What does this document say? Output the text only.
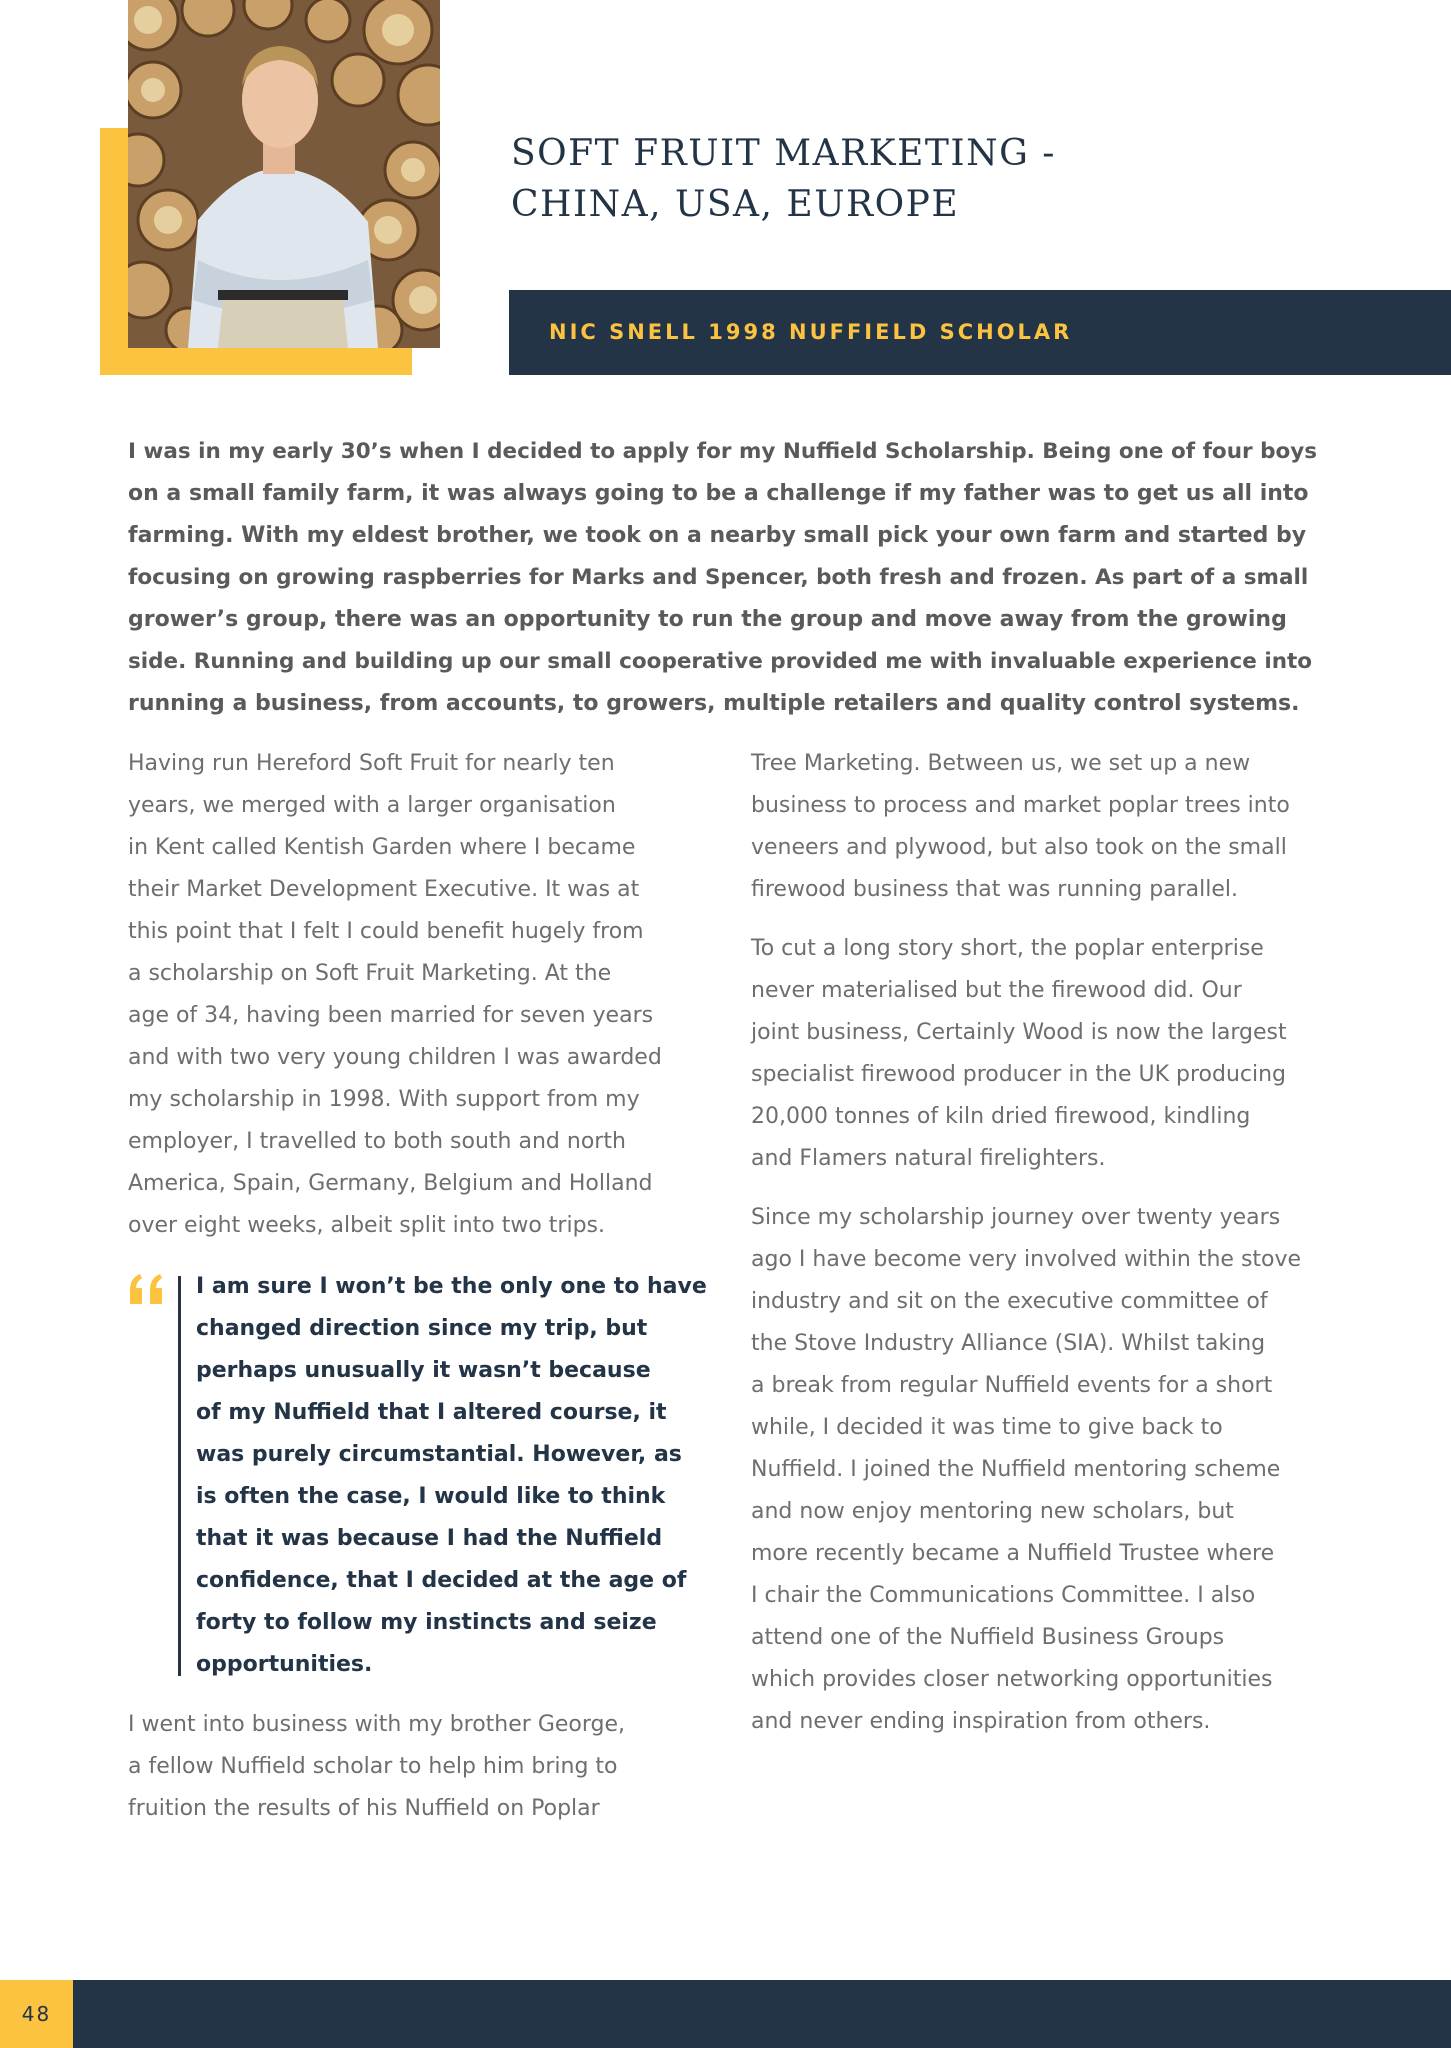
SOFT FRUIT MARKETING -
CHINA, USA, EUROPE
NIC SNELL 1998 NUFFIELD SCHOLAR
I was in my early 30’s when I decided to apply for my Nuffield Scholarship. Being one of four boys
on a small family farm, it was always going to be a challenge if my father was to get us all into
farming. With my eldest brother, we took on a nearby small pick your own farm and started by
focusing on growing raspberries for Marks and Spencer, both fresh and frozen. As part of a small
grower’s group, there was an opportunity to run the group and move away from the growing
side. Running and building up our small cooperative provided me with invaluable experience into
running a business, from accounts, to growers, multiple retailers and quality control systems.

Having run Hereford Soft Fruit for nearly ten
years, we merged with a larger organisation
in Kent called Kentish Garden where I became
their Market Development Executive. It was at
this point that I felt I could benefit hugely from
a scholarship on Soft Fruit Marketing. At the
age of 34, having been married for seven years
and with two very young children I was awarded
my scholarship in 1998. With support from my
employer, I travelled to both south and north
America, Spain, Germany, Belgium and Holland
over eight weeks, albeit split into two trips.

I am sure I won’t be the only one to have
changed direction since my trip, but
perhaps unusually it wasn’t because
of my Nuffield that I altered course, it
was purely circumstantial. However, as
is often the case, I would like to think
that it was because I had the Nuffield
confidence, that I decided at the age of
forty to follow my instincts and seize
opportunities.

I went into business with my brother George,
a fellow Nuffield scholar to help him bring to
fruition the results of his Nuffield on Poplar

Tree Marketing. Between us, we set up a new
business to process and market poplar trees into
veneers and plywood, but also took on the small
firewood business that was running parallel.

To cut a long story short, the poplar enterprise
never materialised but the firewood did. Our
joint business, Certainly Wood is now the largest
specialist firewood producer in the UK producing
20,000 tonnes of kiln dried firewood, kindling
and Flamers natural firelighters.

Since my scholarship journey over twenty years
ago I have become very involved within the stove
industry and sit on the executive committee of
the Stove Industry Alliance (SIA). Whilst taking
a break from regular Nuffield events for a short
while, I decided it was time to give back to
Nuffield. I joined the Nuffield mentoring scheme
and now enjoy mentoring new scholars, but
more recently became a Nuffield Trustee where
I chair the Communications Committee. I also
attend one of the Nuffield Business Groups
which provides closer networking opportunities
and never ending inspiration from others.

48
